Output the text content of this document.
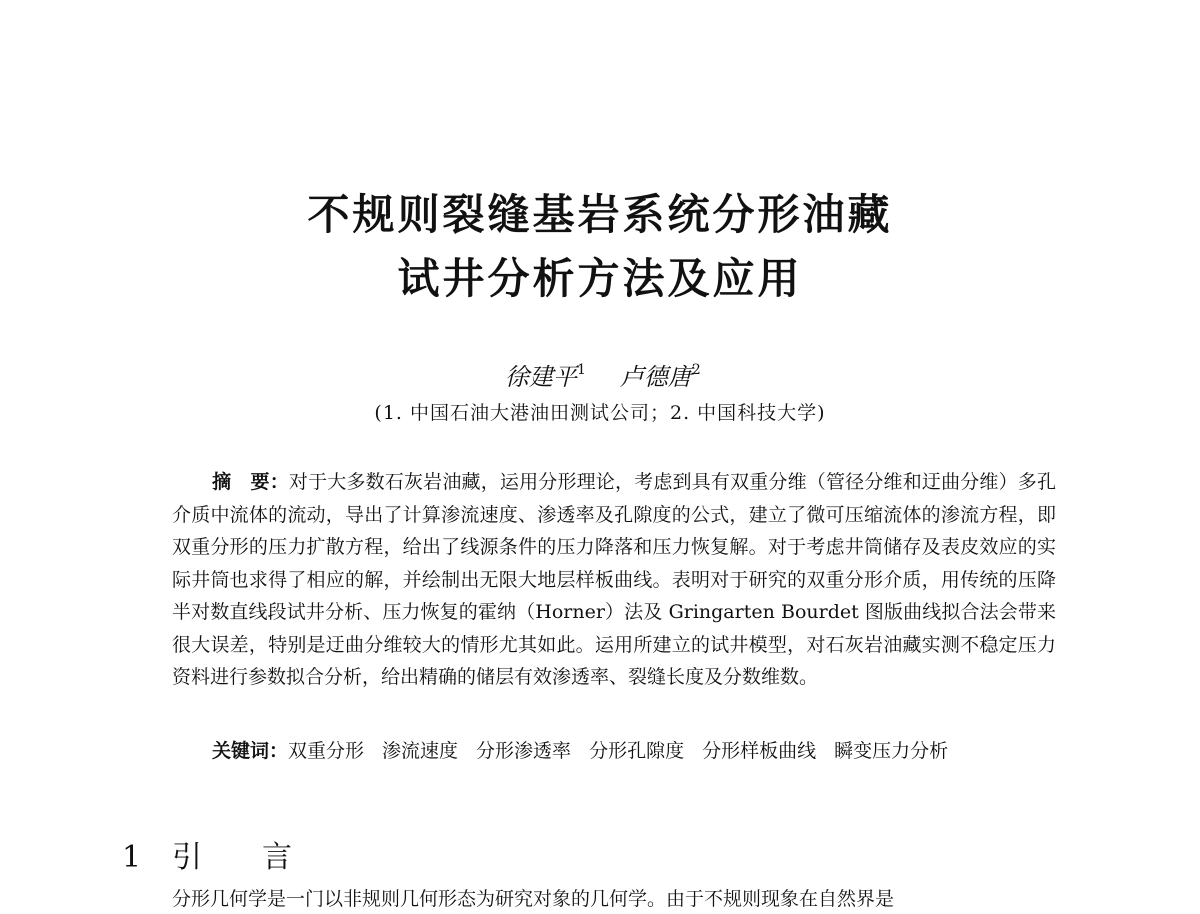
不规则裂缝基岩系统分形油藏
试井分析方法及应用
徐建平$^1$ 卢德唐$^2$
(1. 中国石油大港油田测试公司；2. 中国科技大学)
摘　要：对于大多数石灰岩油藏，运用分形理论，考虑到具有双重分维（管径分维和迂曲分维）多孔介质中流体的流动，导出了计算渗流速度、渗透率及孔隙度的公式，建立了微可压缩流体的渗流方程，即双重分形的压力扩散方程，给出了线源条件的压力降落和压力恢复解。对于考虑井筒储存及表皮效应的实际井筒也求得了相应的解，并绘制出无限大地层样板曲线。表明对于研究的双重分形介质，用传统的压降半对数直线段试井分析、压力恢复的霍纳（Horner）法及 Gringarten Bourdet 图版曲线拟合法会带来很大误差，特别是迂曲分维较大的情形尤其如此。运用所建立的试井模型，对石灰岩油藏实测不稳定压力资料进行参数拟合分析，给出精确的储层有效渗透率、裂缝长度及分数维数。
关键词：双重分形 渗流速度 分形渗透率 分形孔隙度 分形样板曲线 瞬变压力分析
1 引　　言
分形几何学是一门以非规则几何形态为研究对象的几何学。由于不规则现象在自然界是
